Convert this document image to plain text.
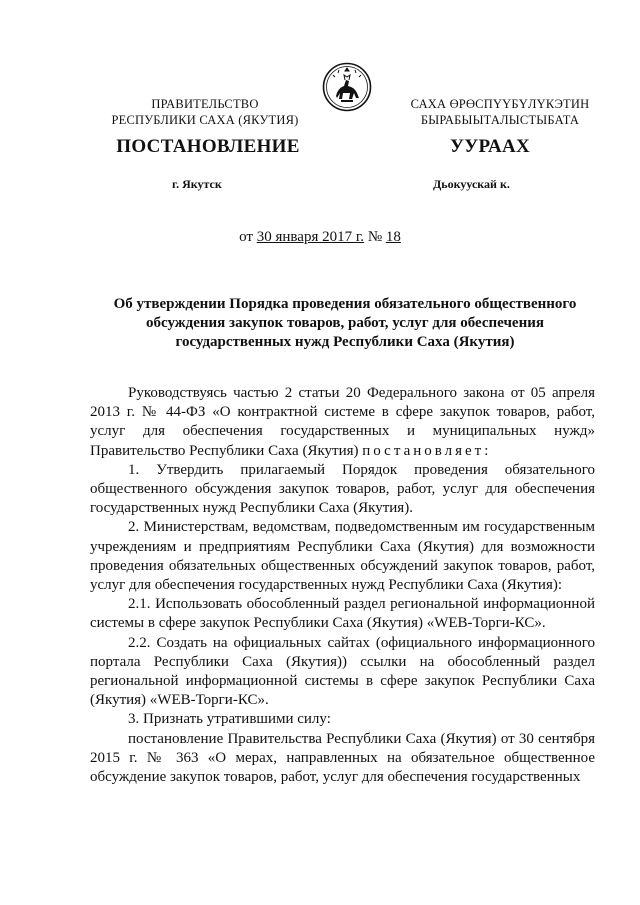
ПРАВИТЕЛЬСТВО
РЕСПУБЛИКИ САХА (ЯКУТИЯ)
САХА ӨРӨСПҮҮБҮЛҮКЭТИН
БЫРАБЫЫТАЛЫСТЫБАТА
ПОСТАНОВЛЕНИЕ	УУРААХ
г. Якутск	Дьокуускай к.
от 30 января 2017 г. № 18
Об утверждении Порядка проведения обязательного общественного
обсуждения закупок товаров, работ, услуг для обеспечения
государственных нужд Республики Саха (Якутия)

Руководствуясь частью 2 статьи 20 Федерального закона от 05 апреля 2013 г. № 44-ФЗ «О контрактной системе в сфере закупок товаров, работ, услуг для обеспечения государственных и муниципальных нужд» Правительство Республики Саха (Якутия) постановляет:

1. Утвердить прилагаемый Порядок проведения обязательного общественного обсуждения закупок товаров, работ, услуг для обеспечения государственных нужд Республики Саха (Якутия).

2. Министерствам, ведомствам, подведомственным им государственным учреждениям и предприятиям Республики Саха (Якутия) для возможности проведения обязательных общественных обсуждений закупок товаров, работ, услуг для обеспечения государственных нужд Республики Саха (Якутия):

2.1. Использовать обособленный раздел региональной информационной системы в сфере закупок Республики Саха (Якутия) «WEB-Торги-КС».

2.2. Создать на официальных сайтах (официального информационного портала Республики Саха (Якутия)) ссылки на обособленный раздел региональной информационной системы в сфере закупок Республики Саха (Якутия) «WEB-Торги-КС».

3. Признать утратившими силу:

постановление Правительства Республики Саха (Якутия) от 30 сентября 2015 г. № 363 «О мерах, направленных на обязательное общественное обсуждение закупок товаров, работ, услуг для обеспечения государственных
